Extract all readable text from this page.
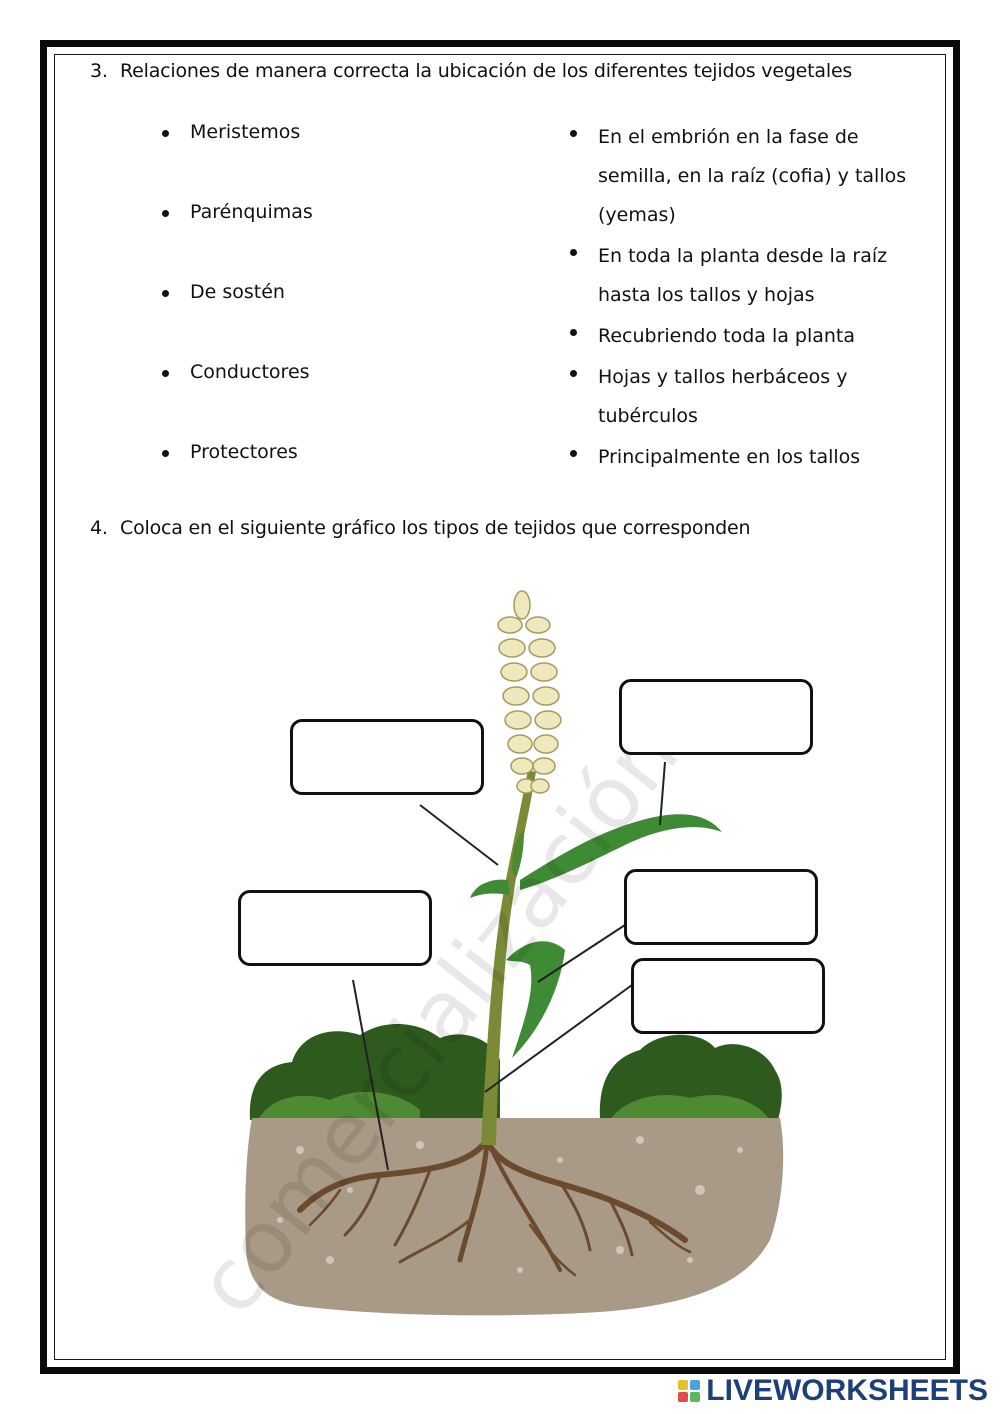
3. Relaciones de manera correcta la ubicación de los diferentes tejidos vegetales
Meristemos
Parénquimas
De sostén
Conductores
Protectores
En el embrión en la fase de semilla, en la raíz (cofia) y tallos (yemas)
En toda la planta desde la raíz hasta los tallos y hojas
Recubriendo toda la planta
Hojas y tallos herbáceos y tubérculos
Principalmente en los tallos
4. Coloca en el siguiente gráfico los tipos de tejidos que corresponden
comercialización
LIVEWORKSHEETS
